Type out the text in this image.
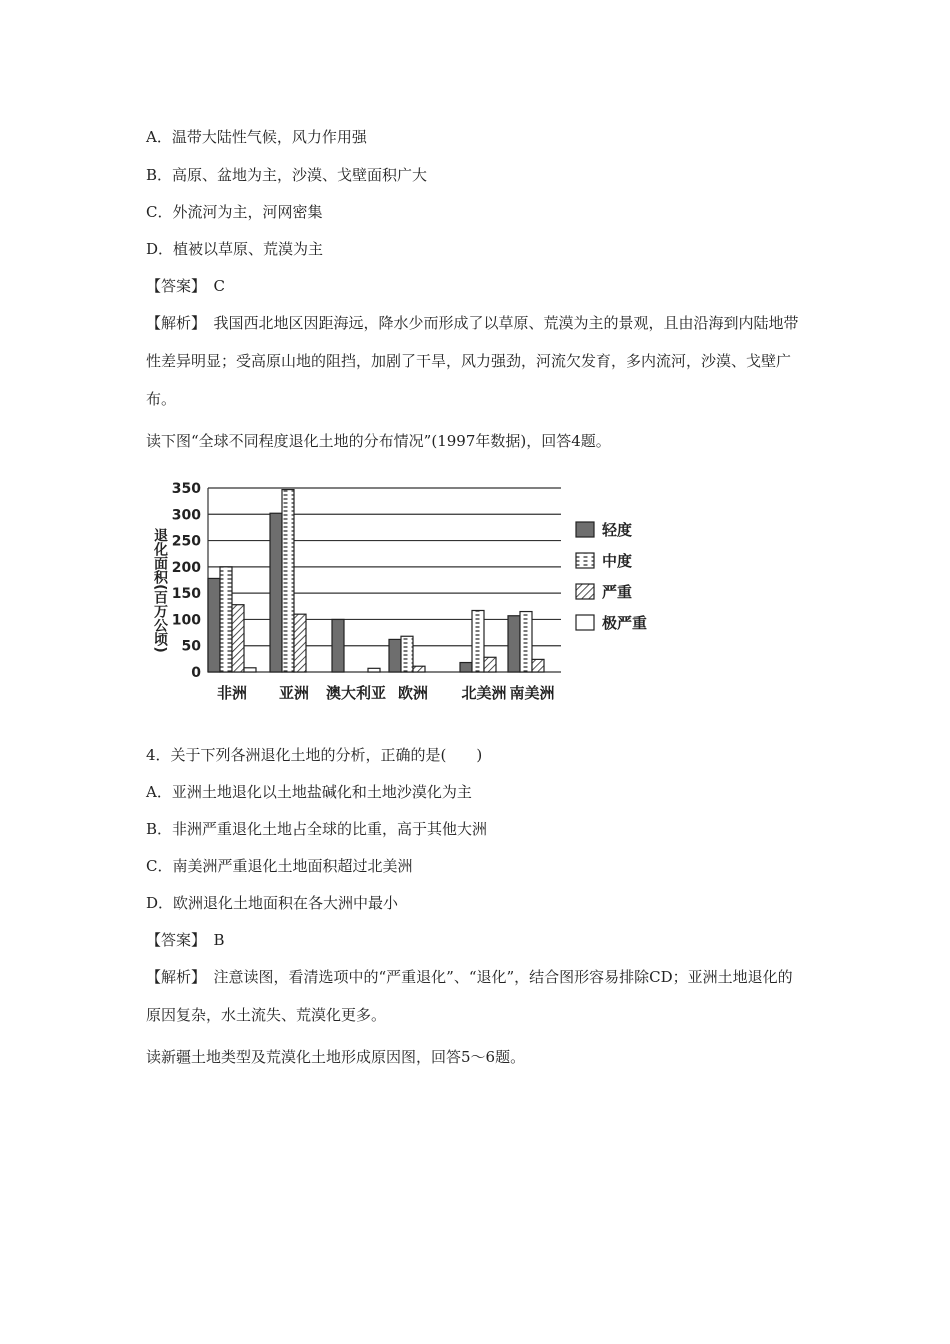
A．温带大陆性气候，风力作用强
B．高原、盆地为主，沙漠、戈壁面积广大
C．外流河为主，河网密集
D．植被以草原、荒漠为主
【答案】　C
【解析】　我国西北地区因距海远，降水少而形成了以草原、荒漠为主的景观，且由沿海到内陆地带性差异明显；受高原山地的阻挡，加剧了干旱，风力强劲，河流欠发育，多内流河，沙漠、戈壁广布。
读下图“全球不同程度退化土地的分布情况”(1997年数据)，回答4题。
0
50
100
150
200
250
300
350
退化面积(百万公顷)
非洲 亚洲 澳大利亚 欧洲 北美洲 南美洲
4．关于下列各洲退化土地的分析，正确的是(　　)
A．亚洲土地退化以土地盐碱化和土地沙漠化为主
B．非洲严重退化土地占全球的比重，高于其他大洲
C．南美洲严重退化土地面积超过北美洲
D．欧洲退化土地面积在各大洲中最小
【答案】　B
【解析】　注意读图，看清选项中的“严重退化”、“退化”，结合图形容易排除CD；亚洲土地退化的原因复杂，水土流失、荒漠化更多。
读新疆土地类型及荒漠化土地形成原因图，回答5～6题。
轻度
中度
严重
极严重
